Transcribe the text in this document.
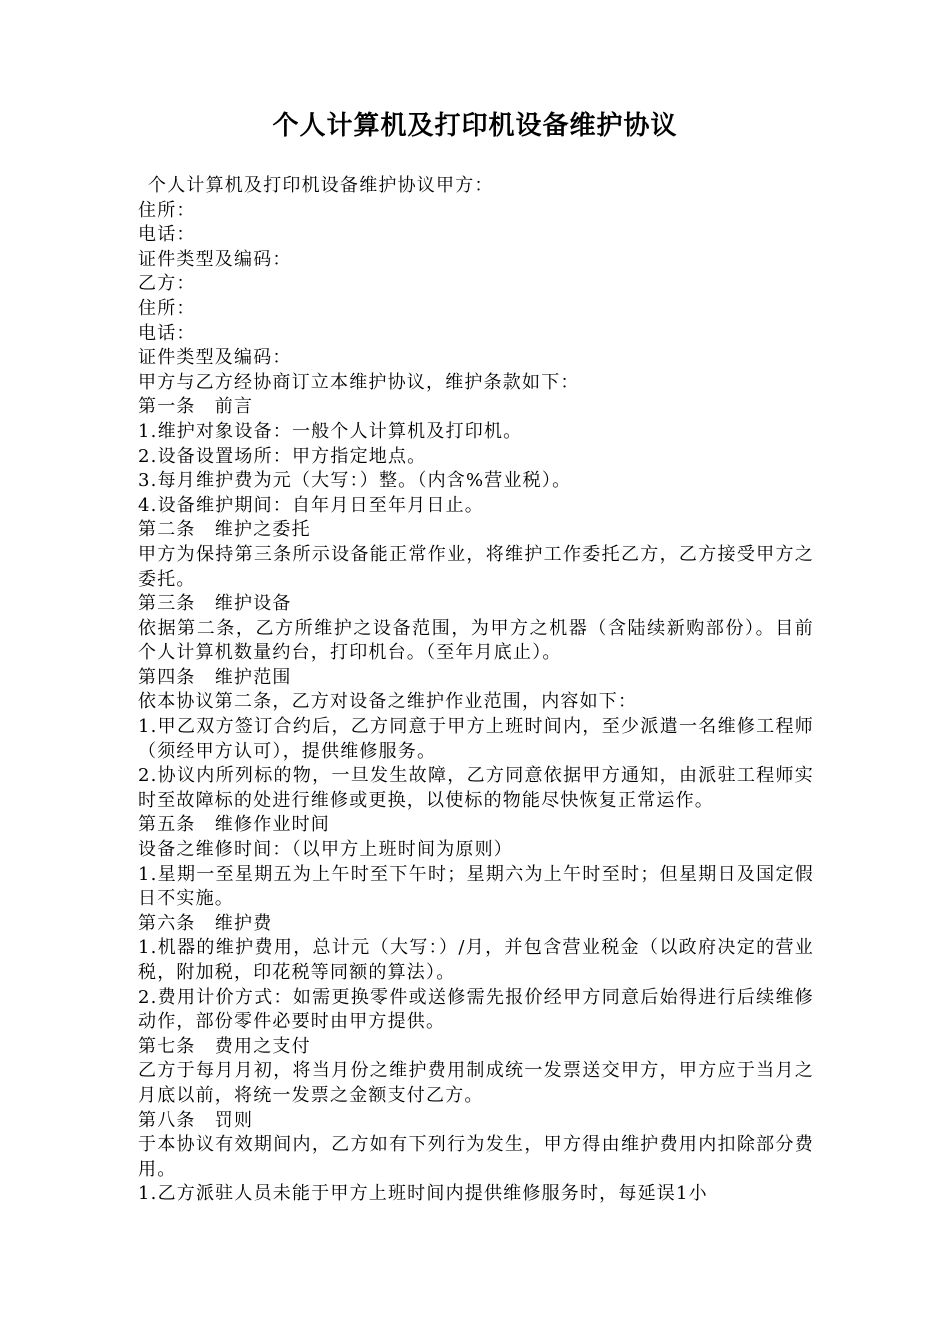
个人计算机及打印机设备维护协议

个人计算机及打印机设备维护协议甲方：

住所：

电话：

证件类型及编码：

乙方：

住所：

电话：

证件类型及编码：

甲方与乙方经协商订立本维护协议，维护条款如下：

第一条　前言

1.维护对象设备：一般个人计算机及打印机。

2.设备设置场所：甲方指定地点。

3.每月维护费为元（大写：）整。（内含%营业税）。

4.设备维护期间：自年月日至年月日止。

第二条　维护之委托

甲方为保持第三条所示设备能正常作业，将维护工作委托乙方，乙方接受甲方之委托。

第三条　维护设备

依据第二条，乙方所维护之设备范围，为甲方之机器（含陆续新购部份）。目前个人计算机数量约台，打印机台。（至年月底止）。

第四条　维护范围

依本协议第二条，乙方对设备之维护作业范围，内容如下：

1.甲乙双方签订合约后，乙方同意于甲方上班时间内，至少派遣一名维修工程师（须经甲方认可），提供维修服务。

2.协议内所列标的物，一旦发生故障，乙方同意依据甲方通知，由派驻工程师实时至故障标的处进行维修或更换，以使标的物能尽快恢复正常运作。

第五条　维修作业时间

设备之维修时间：（以甲方上班时间为原则）

1.星期一至星期五为上午时至下午时；星期六为上午时至时；但星期日及国定假日不实施。

第六条　维护费

1.机器的维护费用，总计元（大写：）/月，并包含营业税金（以政府决定的营业税，附加税，印花税等同额的算法）。

2.费用计价方式：如需更换零件或送修需先报价经甲方同意后始得进行后续维修动作，部份零件必要时由甲方提供。

第七条　费用之支付

乙方于每月月初，将当月份之维护费用制成统一发票送交甲方，甲方应于当月之月底以前，将统一发票之金额支付乙方。

第八条　罚则

于本协议有效期间内，乙方如有下列行为发生，甲方得由维护费用内扣除部分费用。

1.乙方派驻人员未能于甲方上班时间内提供维修服务时，每延误1小
